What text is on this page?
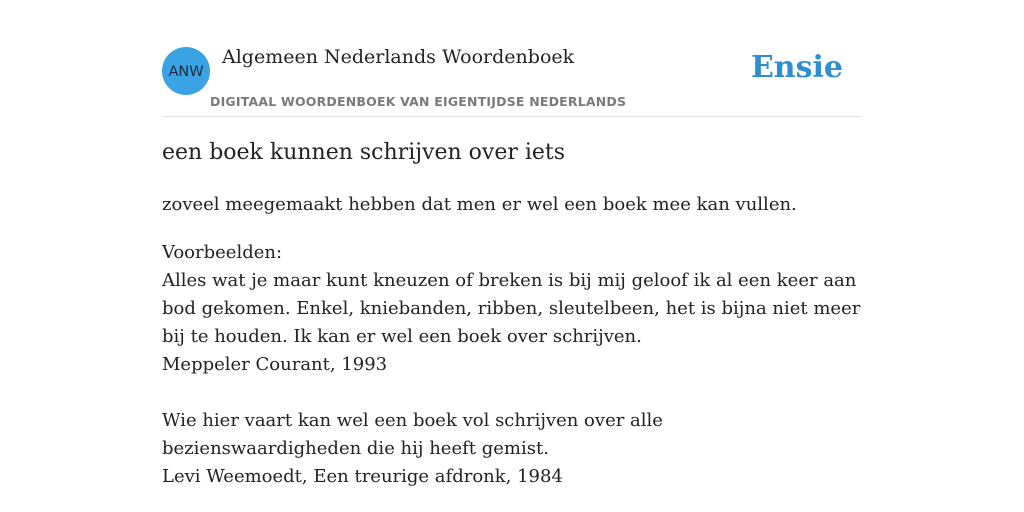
ANW
Algemeen Nederlands Woordenboek
DIGITAAL WOORDENBOEK VAN EIGENTIJDSE NEDERLANDS
Ensie
een boek kunnen schrijven over iets
zoveel meegemaakt hebben dat men er wel een boek mee kan vullen.
Voorbeelden:
Alles wat je maar kunt kneuzen of breken is bij mij geloof ik al een keer aan bod gekomen. Enkel, kniebanden, ribben, sleutelbeen, het is bijna niet meer bij te houden. Ik kan er wel een boek over schrijven.
Meppeler Courant, 1993
Wie hier vaart kan wel een boek vol schrijven over alle bezienswaardigheden die hij heeft gemist.
Levi Weemoedt, Een treurige afdronk, 1984
